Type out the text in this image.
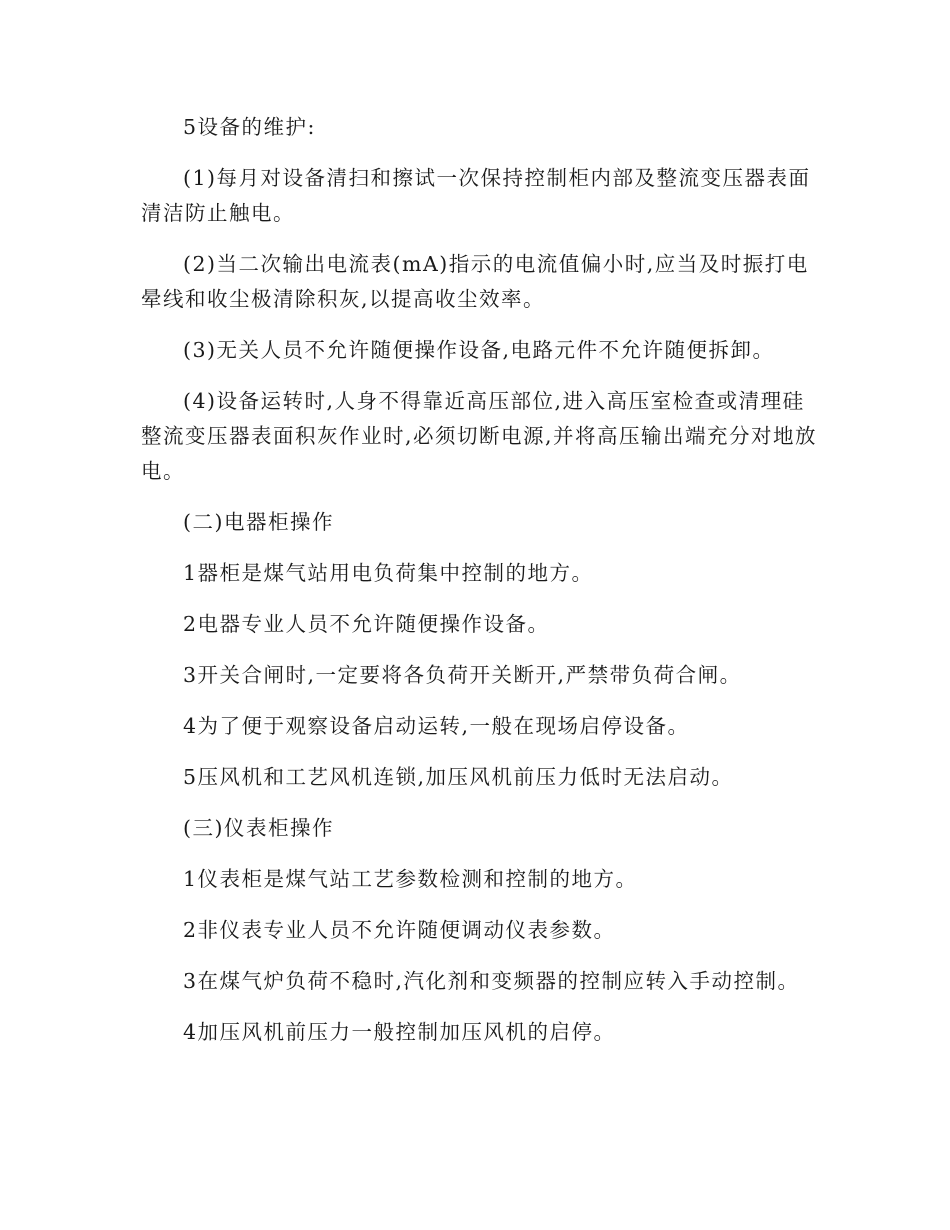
5设备的维护:

(1)每月对设备清扫和擦试一次保持控制柜内部及整流变压器表面清洁防止触电。

(2)当二次输出电流表(mA)指示的电流值偏小时,应当及时振打电晕线和收尘极清除积灰,以提高收尘效率。

(3)无关人员不允许随便操作设备,电路元件不允许随便拆卸。

(4)设备运转时,人身不得靠近高压部位,进入高压室检查或清理硅整流变压器表面积灰作业时,必须切断电源,并将高压输出端充分对地放电。

(二)电器柜操作

1器柜是煤气站用电负荷集中控制的地方。

2电器专业人员不允许随便操作设备。

3开关合闸时,一定要将各负荷开关断开,严禁带负荷合闸。

4为了便于观察设备启动运转,一般在现场启停设备。

5压风机和工艺风机连锁,加压风机前压力低时无法启动。

(三)仪表柜操作

1仪表柜是煤气站工艺参数检测和控制的地方。

2非仪表专业人员不允许随便调动仪表参数。

3在煤气炉负荷不稳时,汽化剂和变频器的控制应转入手动控制。

4加压风机前压力一般控制加压风机的启停。
